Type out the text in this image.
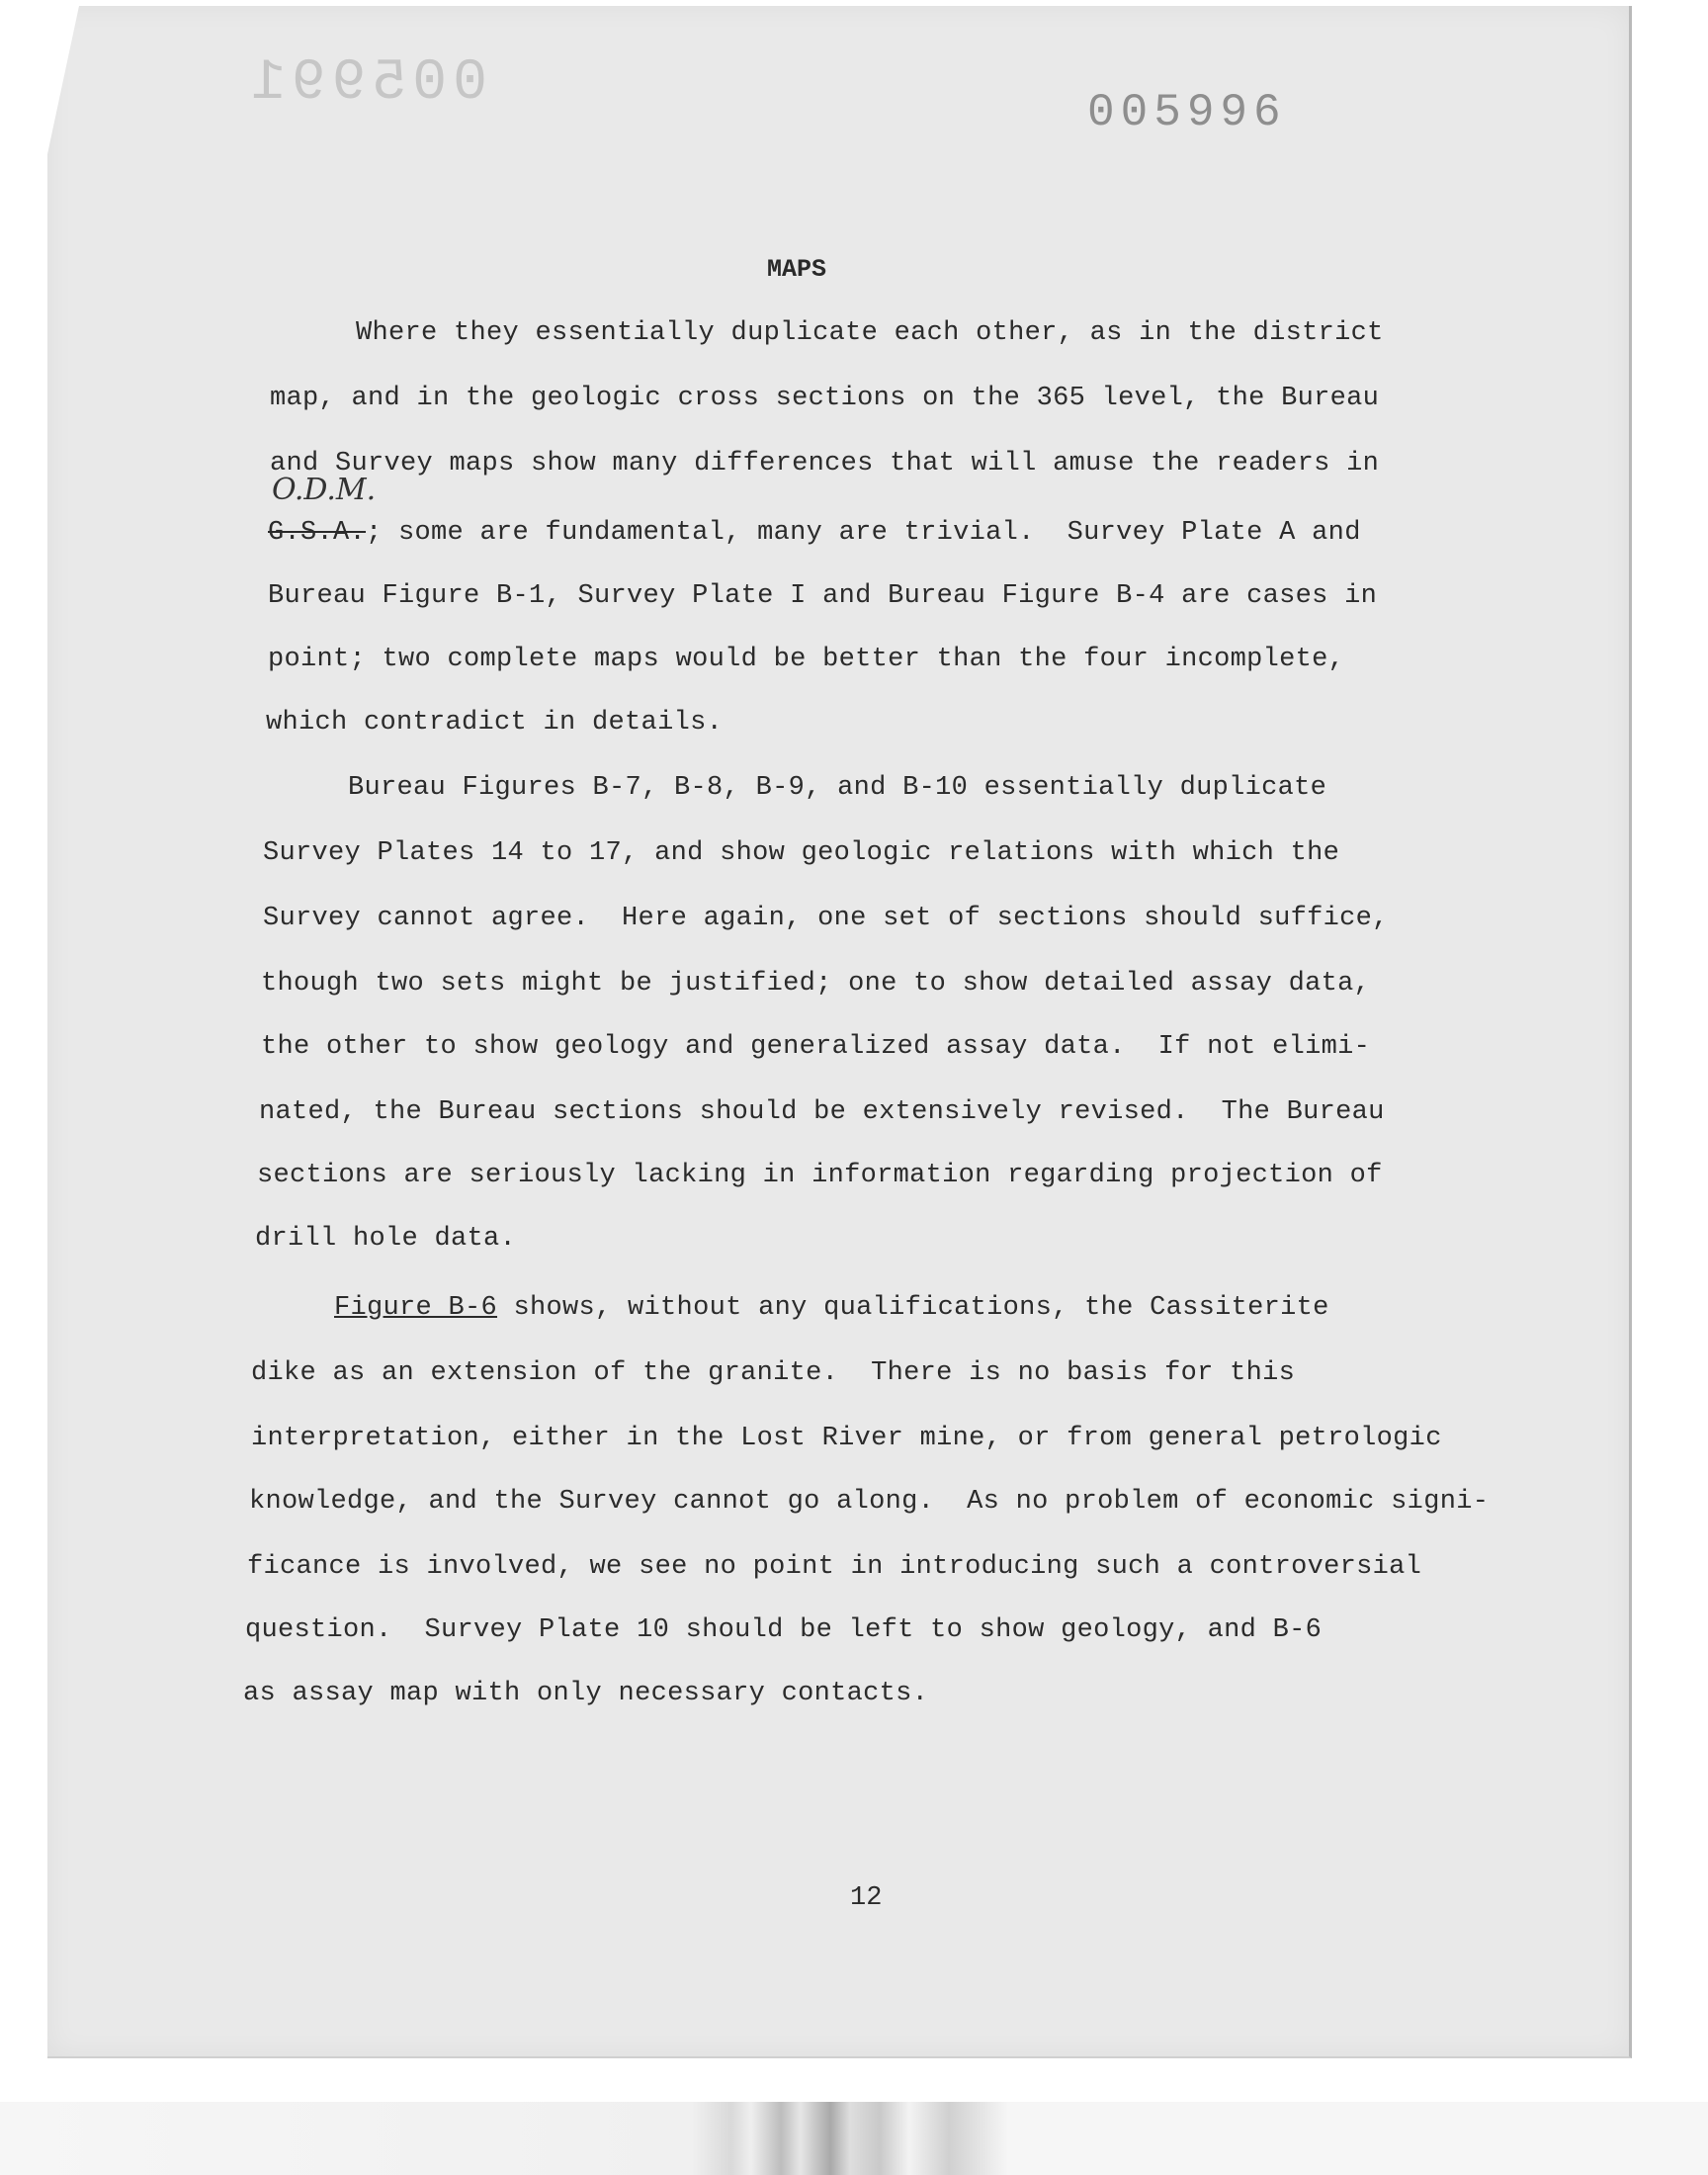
005991	005996
MAPS
Where they essentially duplicate each other, as in the district
map, and in the geologic cross sections on the 365 level, the Bureau
and Survey maps show many differences that will amuse the readers in
O.D.M.
G.S.A.; some are fundamental, many are trivial.  Survey Plate A and
Bureau Figure B-1, Survey Plate I and Bureau Figure B-4 are cases in
point; two complete maps would be better than the four incomplete,
which contradict in details.
Bureau Figures B-7, B-8, B-9, and B-10 essentially duplicate
Survey Plates 14 to 17, and show geologic relations with which the
Survey cannot agree.  Here again, one set of sections should suffice,
though two sets might be justified; one to show detailed assay data,
the other to show geology and generalized assay data.  If not elimi-
nated, the Bureau sections should be extensively revised.  The Bureau
sections are seriously lacking in information regarding projection of
drill hole data.
Figure B-6 shows, without any qualifications, the Cassiterite
dike as an extension of the granite.  There is no basis for this
interpretation, either in the Lost River mine, or from general petrologic
knowledge, and the Survey cannot go along.  As no problem of economic signi-
ficance is involved, we see no point in introducing such a controversial
question.  Survey Plate 10 should be left to show geology, and B-6
as assay map with only necessary contacts.
12
